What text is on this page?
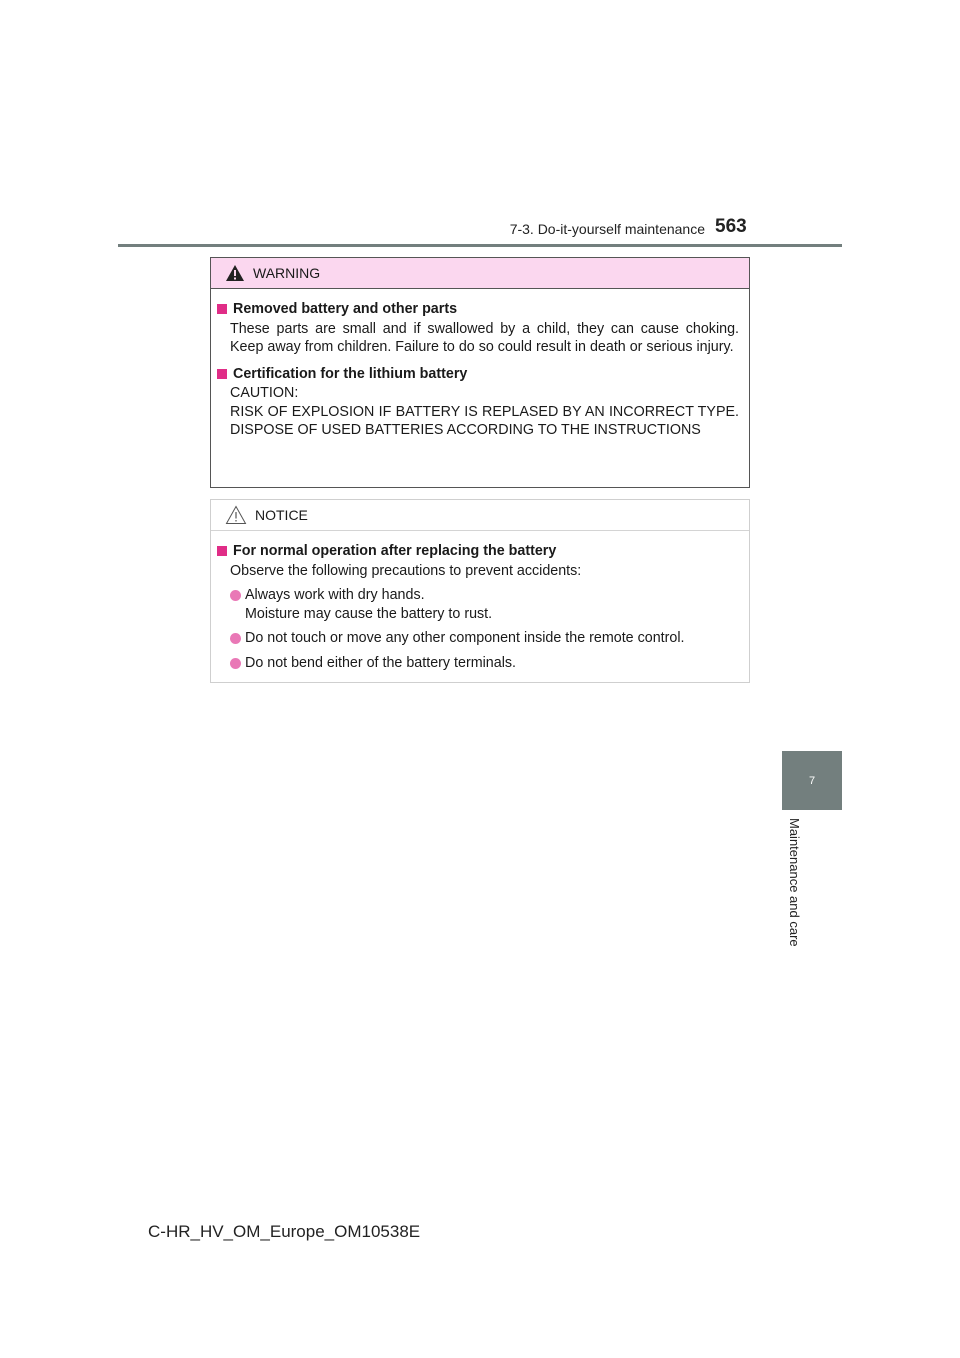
7-3. Do-it-yourself maintenance 563
WARNING
Removed battery and other parts
These parts are small and if swallowed by a child, they can cause choking. Keep away from children. Failure to do so could result in death or serious injury.
Certification for the lithium battery
CAUTION:
RISK OF EXPLOSION IF BATTERY IS REPLASED BY AN INCORRECT TYPE. DISPOSE OF USED BATTERIES ACCORDING TO THE INSTRUCTIONS
NOTICE
For normal operation after replacing the battery
Observe the following precautions to prevent accidents:
Always work with dry hands.
Moisture may cause the battery to rust.
Do not touch or move any other component inside the remote control.
Do not bend either of the battery terminals.
7
Maintenance and care
C-HR_HV_OM_Europe_OM10538E
